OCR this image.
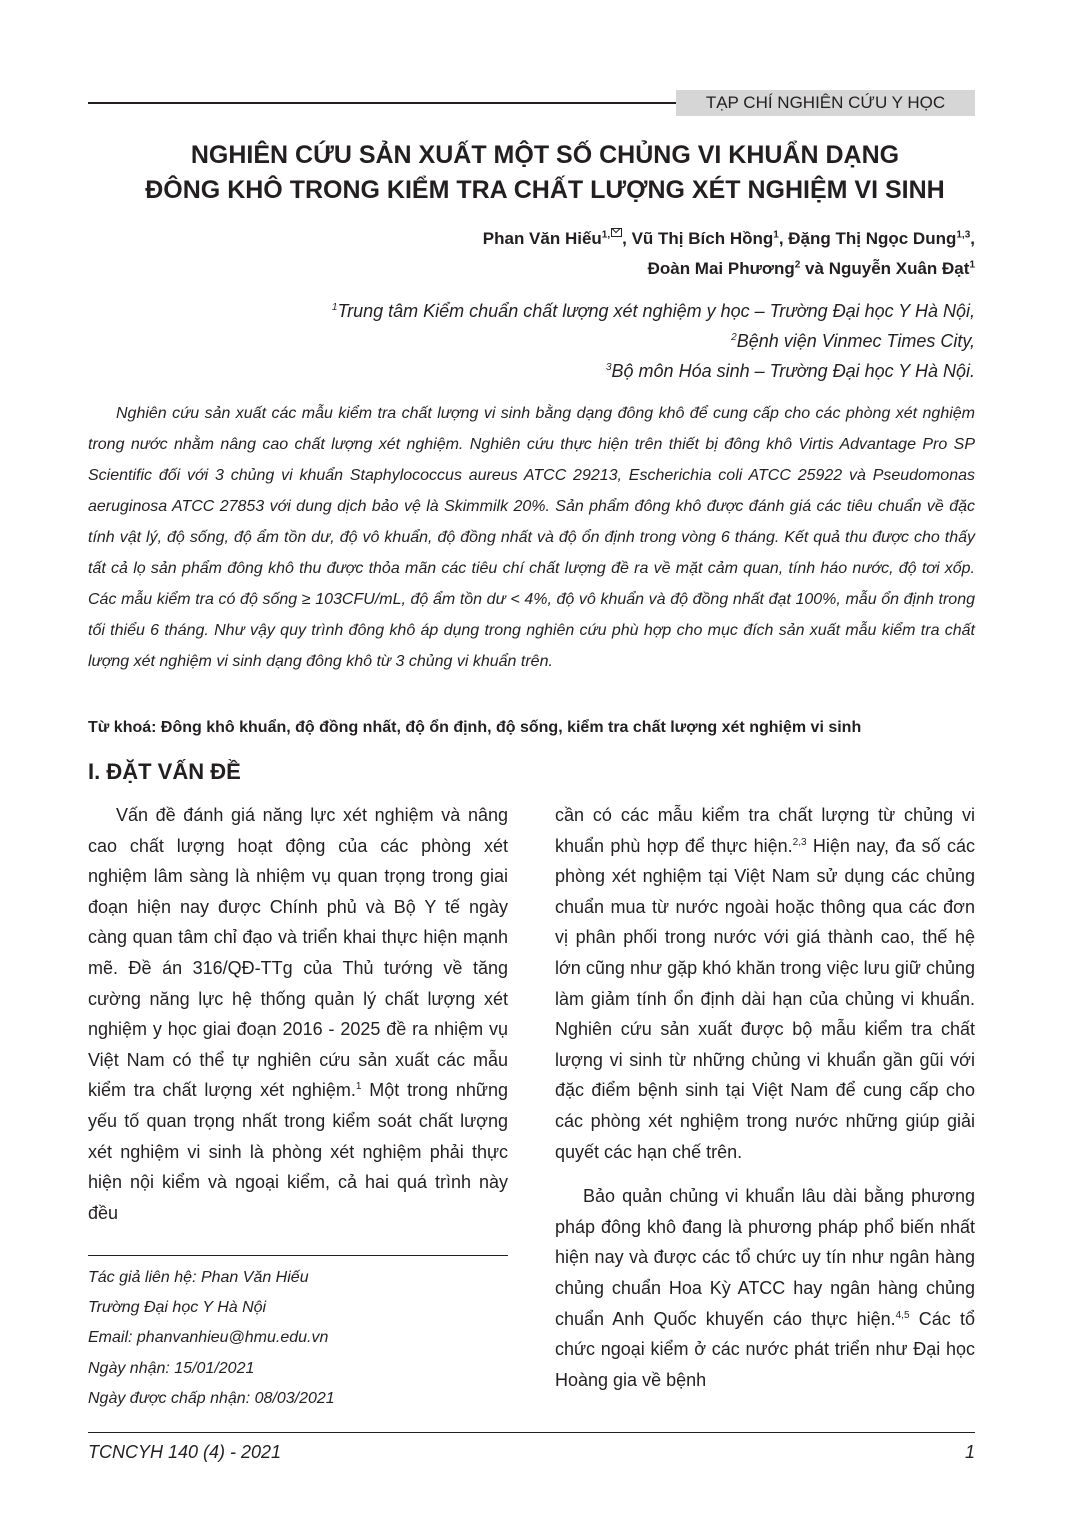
TẠP CHÍ NGHIÊN CỨU Y HỌC
NGHIÊN CỨU SẢN XUẤT MỘT SỐ CHỦNG VI KHUẨN DẠNG
ĐÔNG KHÔ TRONG KIỂM TRA CHẤT LƯỢNG XÉT NGHIỆM VI SINH
Phan Văn Hiếu$^{1,}$ , Vũ Thị Bích Hồng$^1$, Đặng Thị Ngọc Dung$^{1,3}$,
Đoàn Mai Phương$^2$ và Nguyễn Xuân Đạt$^1$
$^1$Trung tâm Kiểm chuẩn chất lượng xét nghiệm y học – Trường Đại học Y Hà Nội,
$^2$Bệnh viện Vinmec Times City,
$^3$Bộ môn Hóa sinh – Trường Đại học Y Hà Nội.

Nghiên cứu sản xuất các mẫu kiểm tra chất lượng vi sinh bằng dạng đông khô để cung cấp cho các phòng xét nghiệm trong nước nhằm nâng cao chất lượng xét nghiệm. Nghiên cứu thực hiện trên thiết bị đông khô Virtis Advantage Pro SP Scientific đối với 3 chủng vi khuẩn Staphylococcus aureus ATCC 29213, Escherichia coli ATCC 25922 và Pseudomonas aeruginosa ATCC 27853 với dung dịch bảo vệ là Skimmilk 20%. Sản phẩm đông khô được đánh giá các tiêu chuẩn về đặc tính vật lý, độ sống, độ ẩm tồn dư, độ vô khuẩn, độ đồng nhất và độ ổn định trong vòng 6 tháng. Kết quả thu được cho thấy tất cả lọ sản phẩm đông khô thu được thỏa mãn các tiêu chí chất lượng đề ra về mặt cảm quan, tính háo nước, độ tơi xốp. Các mẫu kiểm tra có độ sống ≥ 103CFU/mL, độ ẩm tồn dư < 4%, độ vô khuẩn và độ đồng nhất đạt 100%, mẫu ổn định trong tối thiểu 6 tháng. Như vậy quy trình đông khô áp dụng trong nghiên cứu phù hợp cho mục đích sản xuất mẫu kiểm tra chất lượng xét nghiệm vi sinh dạng đông khô từ 3 chủng vi khuẩn trên.

Từ khoá: Đông khô khuẩn, độ đồng nhất, độ ổn định, độ sống, kiểm tra chất lượng xét nghiệm vi sinh
I. ĐẶT VẤN ĐỀ

Vấn đề đánh giá năng lực xét nghiệm và nâng cao chất lượng hoạt động của các phòng xét nghiệm lâm sàng là nhiệm vụ quan trọng trong giai đoạn hiện nay được Chính phủ và Bộ Y tế ngày càng quan tâm chỉ đạo và triển khai thực hiện mạnh mẽ. Đề án 316/QĐ-TTg của Thủ tướng về tăng cường năng lực hệ thống quản lý chất lượng xét nghiệm y học giai đoạn 2016 - 2025 đề ra nhiệm vụ Việt Nam có thể tự nghiên cứu sản xuất các mẫu kiểm tra chất lượng xét nghiệm.$^1$ Một trong những yếu tố quan trọng nhất trong kiểm soát chất lượng xét nghiệm vi sinh là phòng xét nghiệm phải thực hiện nội kiểm và ngoại kiểm, cả hai quá trình này đều

cần có các mẫu kiểm tra chất lượng từ chủng vi khuẩn phù hợp để thực hiện.$^{2,3}$ Hiện nay, đa số các phòng xét nghiệm tại Việt Nam sử dụng các chủng chuẩn mua từ nước ngoài hoặc thông qua các đơn vị phân phối trong nước với giá thành cao, thế hệ lớn cũng như gặp khó khăn trong việc lưu giữ chủng làm giảm tính ổn định dài hạn của chủng vi khuẩn. Nghiên cứu sản xuất được bộ mẫu kiểm tra chất lượng vi sinh từ những chủng vi khuẩn gần gũi với đặc điểm bệnh sinh tại Việt Nam để cung cấp cho các phòng xét nghiệm trong nước những giúp giải quyết các hạn chế trên.

Bảo quản chủng vi khuẩn lâu dài bằng phương pháp đông khô đang là phương pháp phổ biến nhất hiện nay và được các tổ chức uy tín như ngân hàng chủng chuẩn Hoa Kỳ ATCC hay ngân hàng chủng chuẩn Anh Quốc khuyến cáo thực hiện.$^{4,5}$ Các tổ chức ngoại kiểm ở các nước phát triển như Đại học Hoàng gia về bệnh

Tác giả liên hệ: Phan Văn Hiếu
Trường Đại học Y Hà Nội
Email: phanvanhieu@hmu.edu.vn
Ngày nhận: 15/01/2021
Ngày được chấp nhận: 08/03/2021
TCNCYH 140 (4) - 2021	1
